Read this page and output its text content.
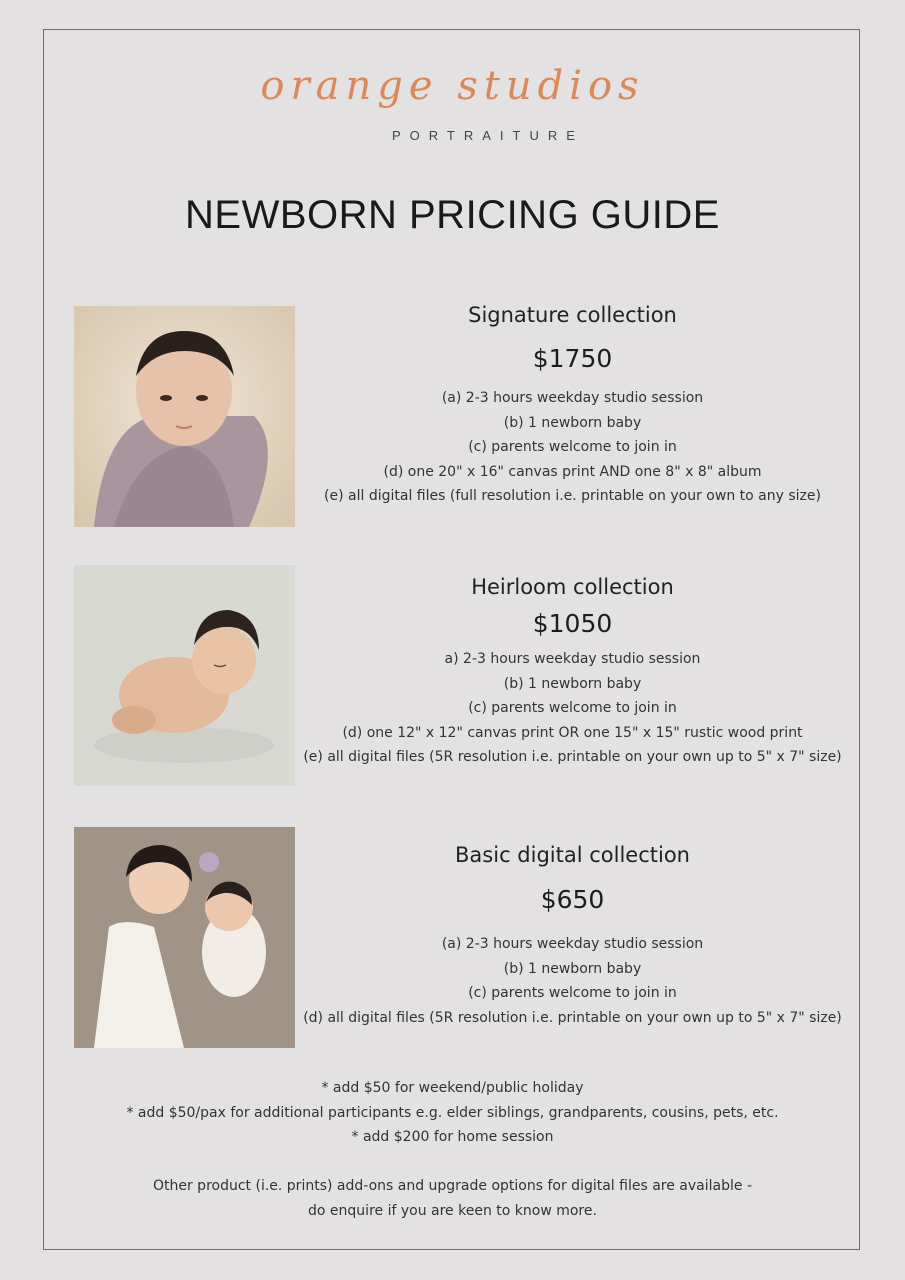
orange studios
PORTRAITURE
NEWBORN PRICING GUIDE
Signature collection
$1750
(a) 2-3 hours weekday studio session
(b) 1 newborn baby
(c) parents welcome to join in
(d) one 20" x 16" canvas print AND one 8" x 8" album
(e) all digital files (full resolution i.e. printable on your own to any size)
Heirloom collection
$1050
a) 2-3 hours weekday studio session
(b) 1 newborn baby
(c) parents welcome to join in
(d) one 12" x 12" canvas print OR one 15" x 15" rustic wood print
(e) all digital files (5R resolution i.e. printable on your own up to 5" x 7" size)
Basic digital collection
$650
(a) 2-3 hours weekday studio session
(b) 1 newborn baby
(c) parents welcome to join in
(d) all digital files (5R resolution i.e. printable on your own up to 5" x 7" size)
* add $50 for weekend/public holiday
* add $50/pax for additional participants e.g. elder siblings, grandparents, cousins, pets, etc.
* add $200 for home session
Other product (i.e. prints) add-ons and upgrade options for digital files are available -
do enquire if you are keen to know more.
